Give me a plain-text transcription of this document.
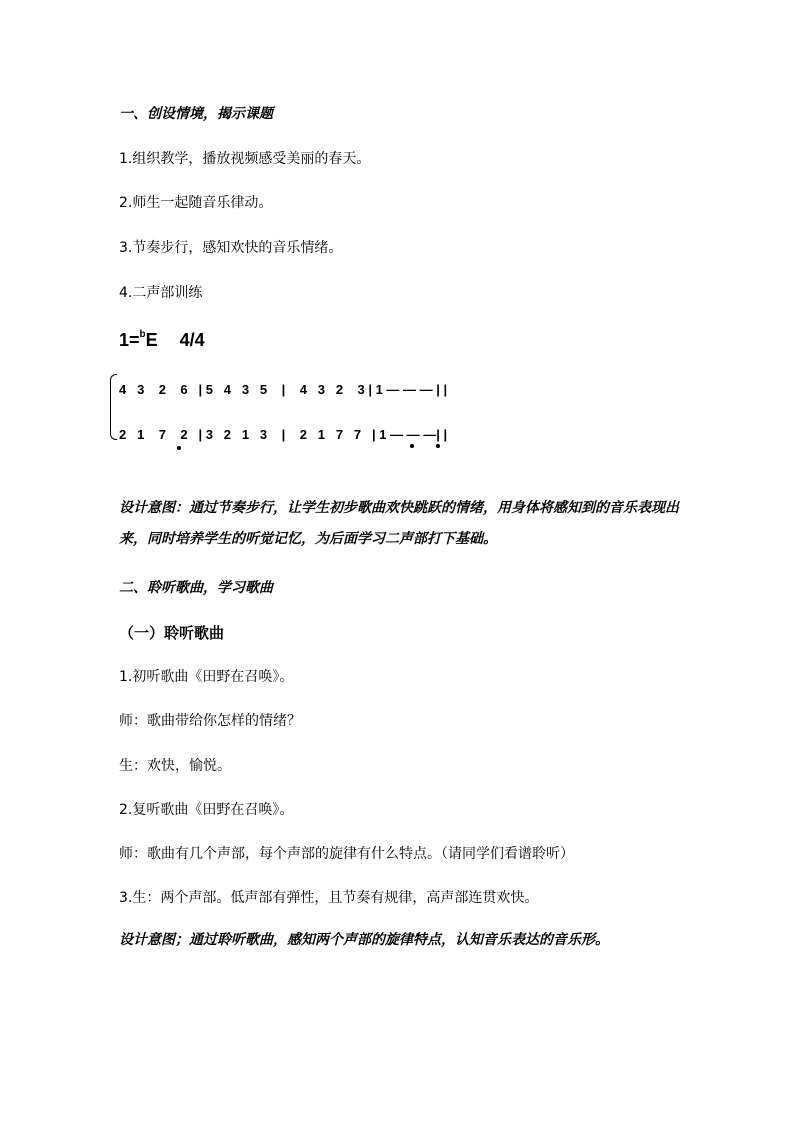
一、创设情境，揭示课题
1.组织教学，播放视频感受美丽的春天。
2.师生一起随音乐律动。
3.节奏步行，感知欢快的音乐情绪。
4.二声部训练
1=$^b$E 4/4
4   3    2    6   | 5   4   3   5    |    4   3   2    3 | 1 — — — | |
2   1    7    2   | 3   2   1   3    |    2   1   7   7   | 1 — — —| |
设计意图：通过节奏步行，让学生初步歌曲欢快跳跃的情绪，用身体将感知到的音乐表现出来，同时培养学生的听觉记忆，为后面学习二声部打下基础。
二、聆听歌曲，学习歌曲
（一）聆听歌曲
1.初听歌曲《田野在召唤》。
师：歌曲带给你怎样的情绪？
生：欢快，愉悦。
2.复听歌曲《田野在召唤》。
师：歌曲有几个声部，每个声部的旋律有什么特点。（请同学们看谱聆听）
3.生：两个声部。低声部有弹性，且节奏有规律，高声部连贯欢快。
设计意图；通过聆听歌曲，感知两个声部的旋律特点，认知音乐表达的音乐形。
